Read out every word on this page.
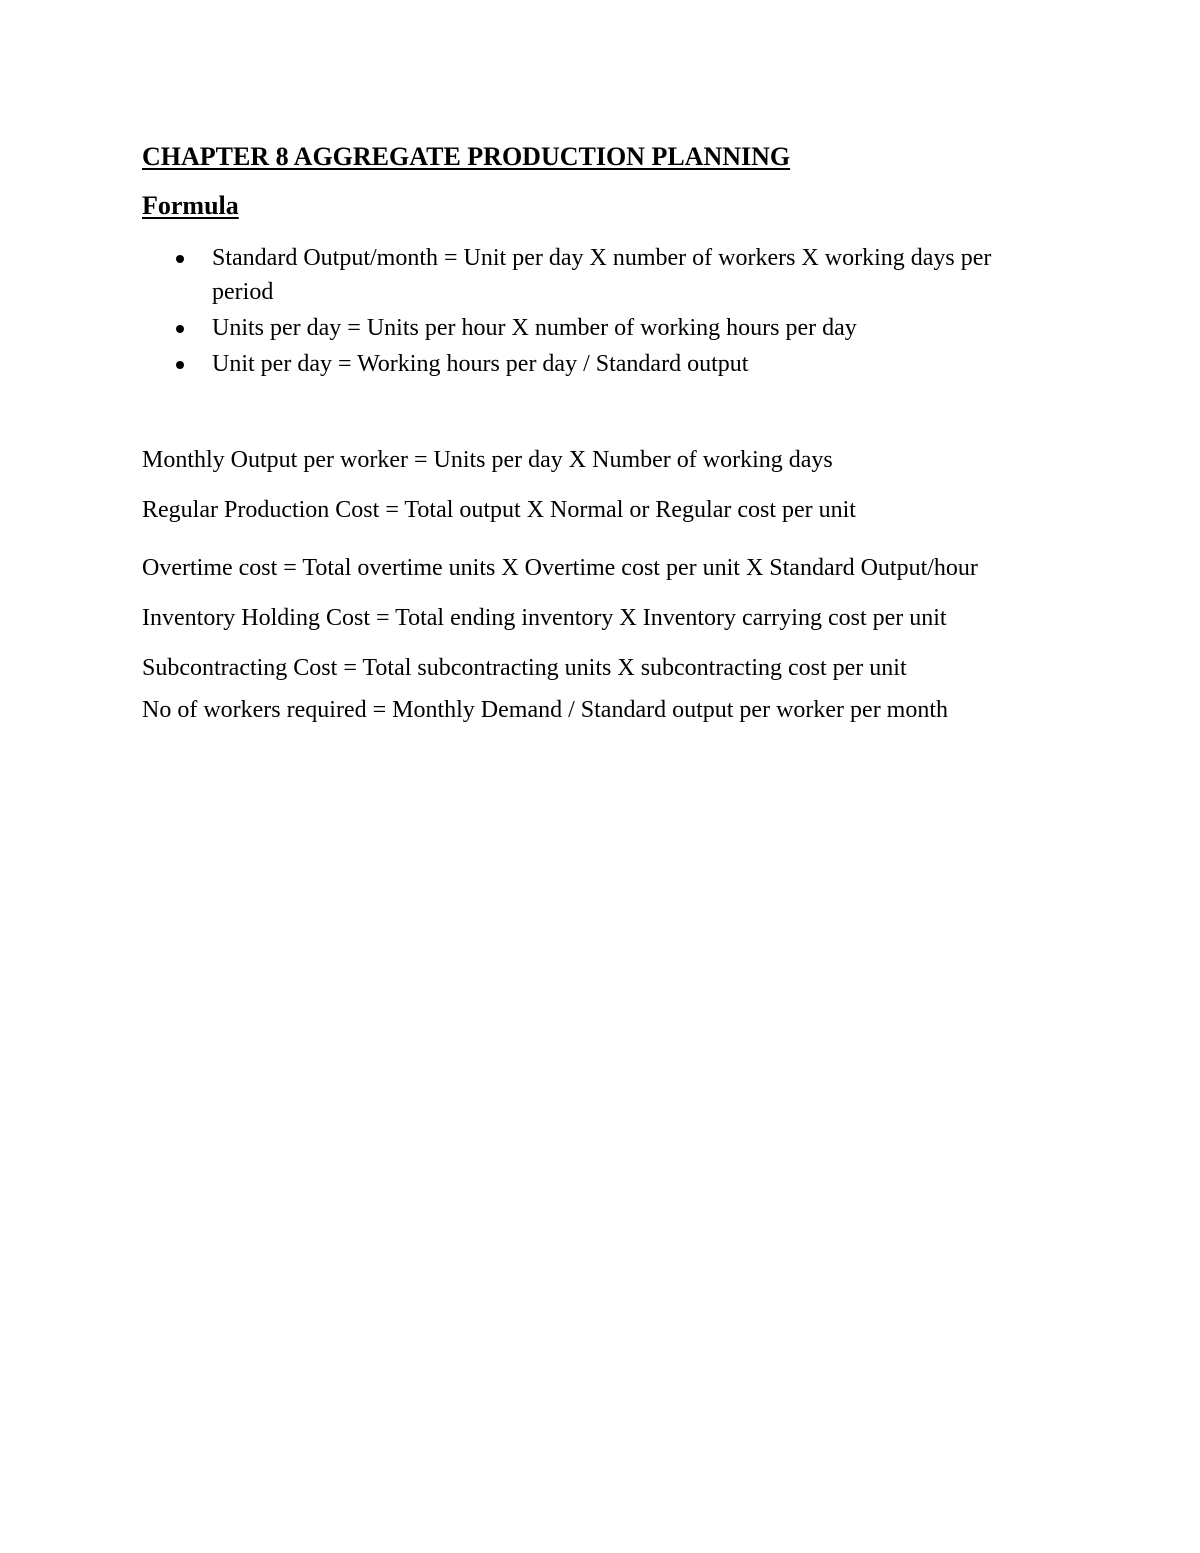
CHAPTER 8 AGGREGATE PRODUCTION PLANNING
Formula
Standard Output/month = Unit per day X number of workers X working days per period
Units per day = Units per hour X number of working hours per day
Unit per day = Working hours per day / Standard output

Monthly Output per worker = Units per day X Number of working days

Regular Production Cost = Total output X Normal or Regular cost per unit

Overtime cost = Total overtime units X Overtime cost per unit X Standard Output/hour

Inventory Holding Cost = Total ending inventory X Inventory carrying cost per unit

Subcontracting Cost = Total subcontracting units X subcontracting cost per unit

No of workers required = Monthly Demand / Standard output per worker per month
